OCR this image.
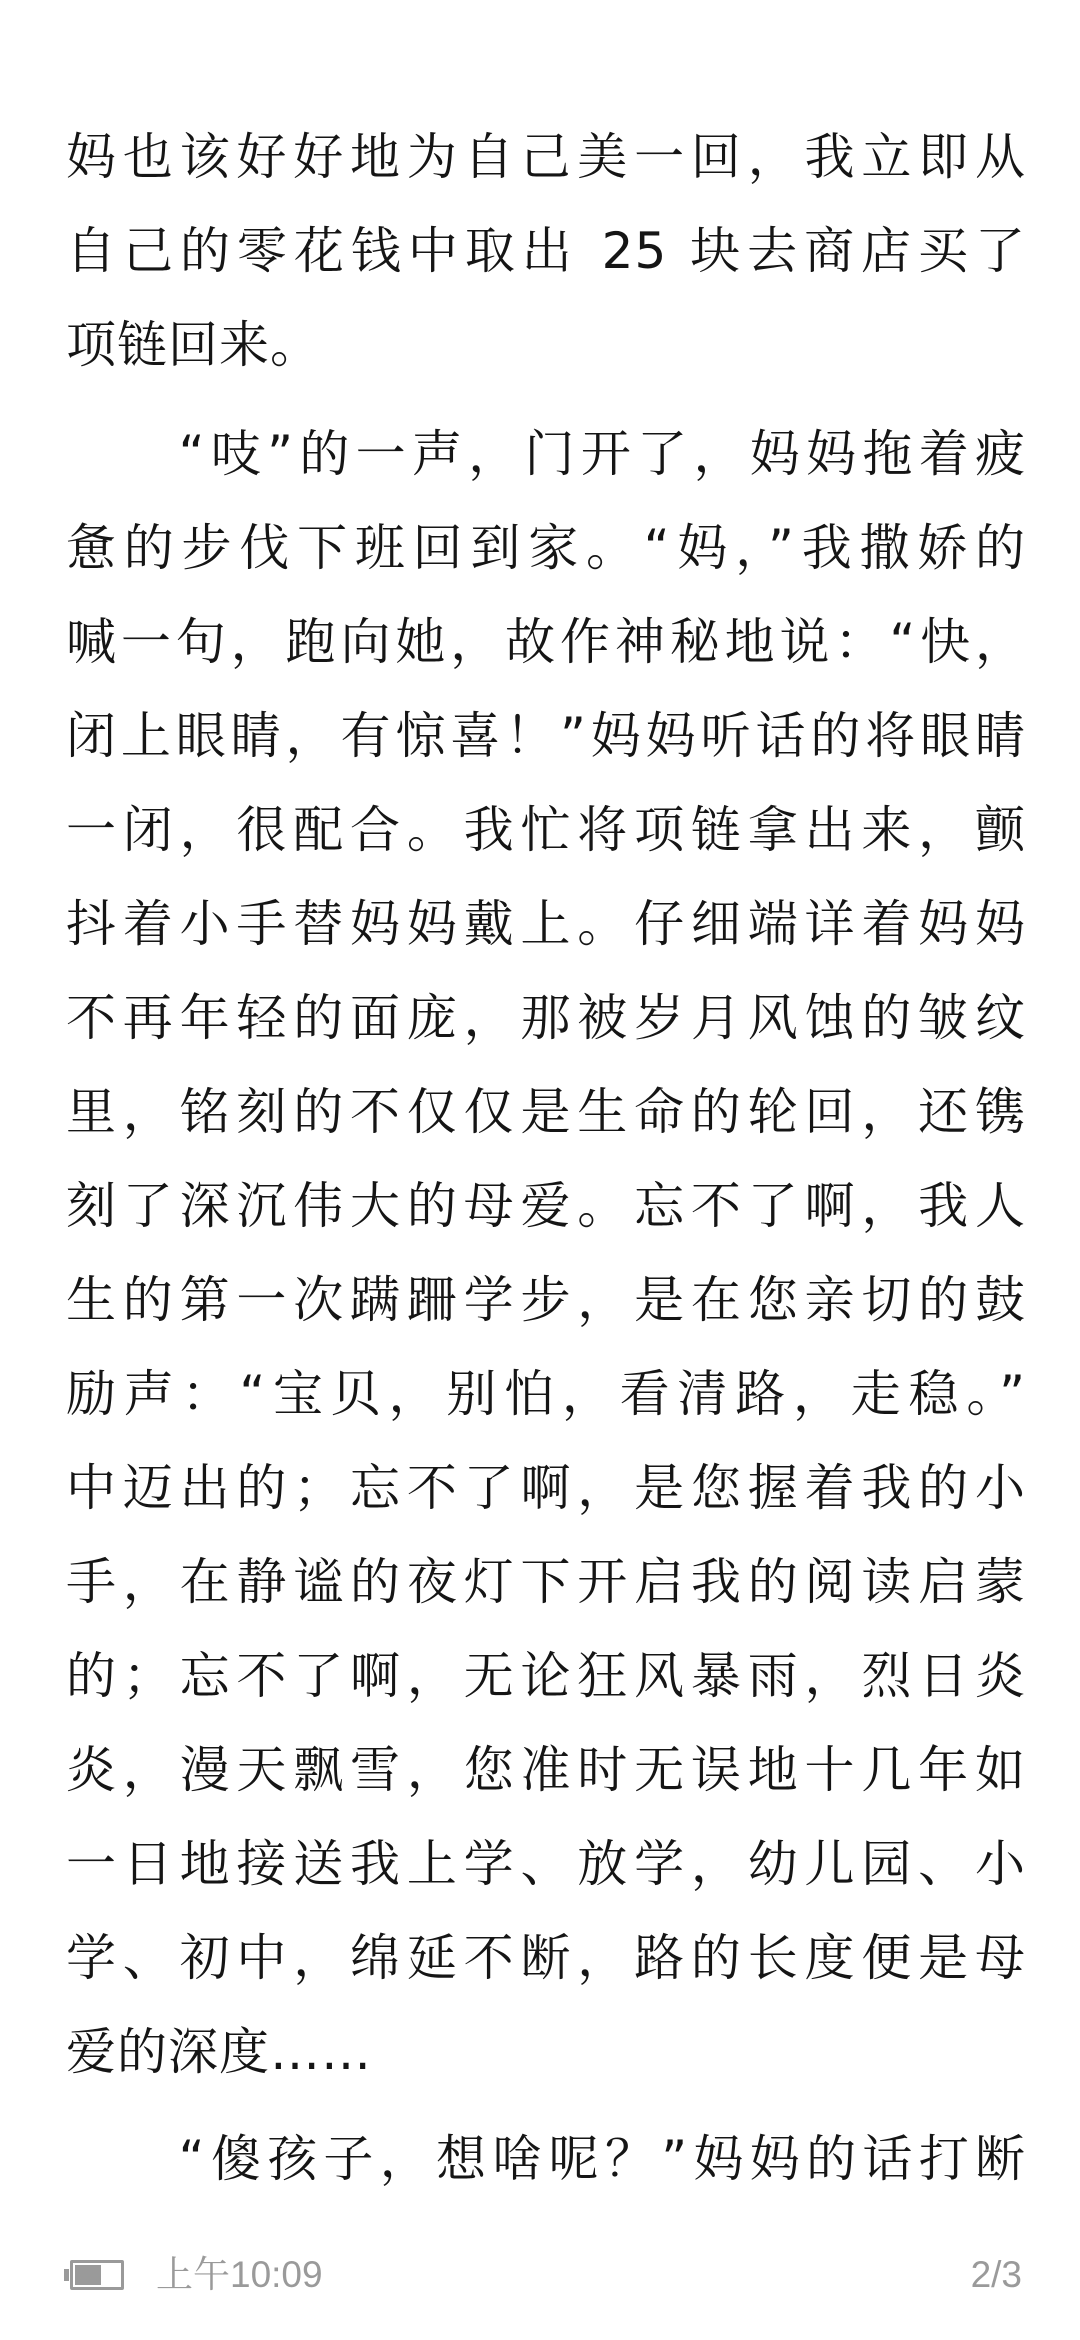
妈也该好好地为自己美一回，我立即从
自己的零花钱中取出 25 块去商店买了
项链回来。
　　“吱”的一声，门开了，妈妈拖着疲
惫的步伐下班回到家。“妈，”我撒娇的
喊一句，跑向她，故作神秘地说：“快，
闭上眼睛，有惊喜！”妈妈听话的将眼睛
一闭，很配合。我忙将项链拿出来，颤
抖着小手替妈妈戴上。仔细端详着妈妈
不再年轻的面庞，那被岁月风蚀的皱纹
里，铭刻的不仅仅是生命的轮回，还镌
刻了深沉伟大的母爱。忘不了啊，我人
生的第一次蹒跚学步，是在您亲切的鼓
励声：“宝贝，别怕，看清路，走稳。”
中迈出的；忘不了啊，是您握着我的小
手，在静谧的夜灯下开启我的阅读启蒙
的；忘不了啊，无论狂风暴雨，烈日炎
炎，漫天飘雪，您准时无误地十几年如
一日地接送我上学、放学，幼儿园、小
学、初中，绵延不断，路的长度便是母
爱的深度……
　　“傻孩子，想啥呢？”妈妈的话打断
上午10:09	2/3
